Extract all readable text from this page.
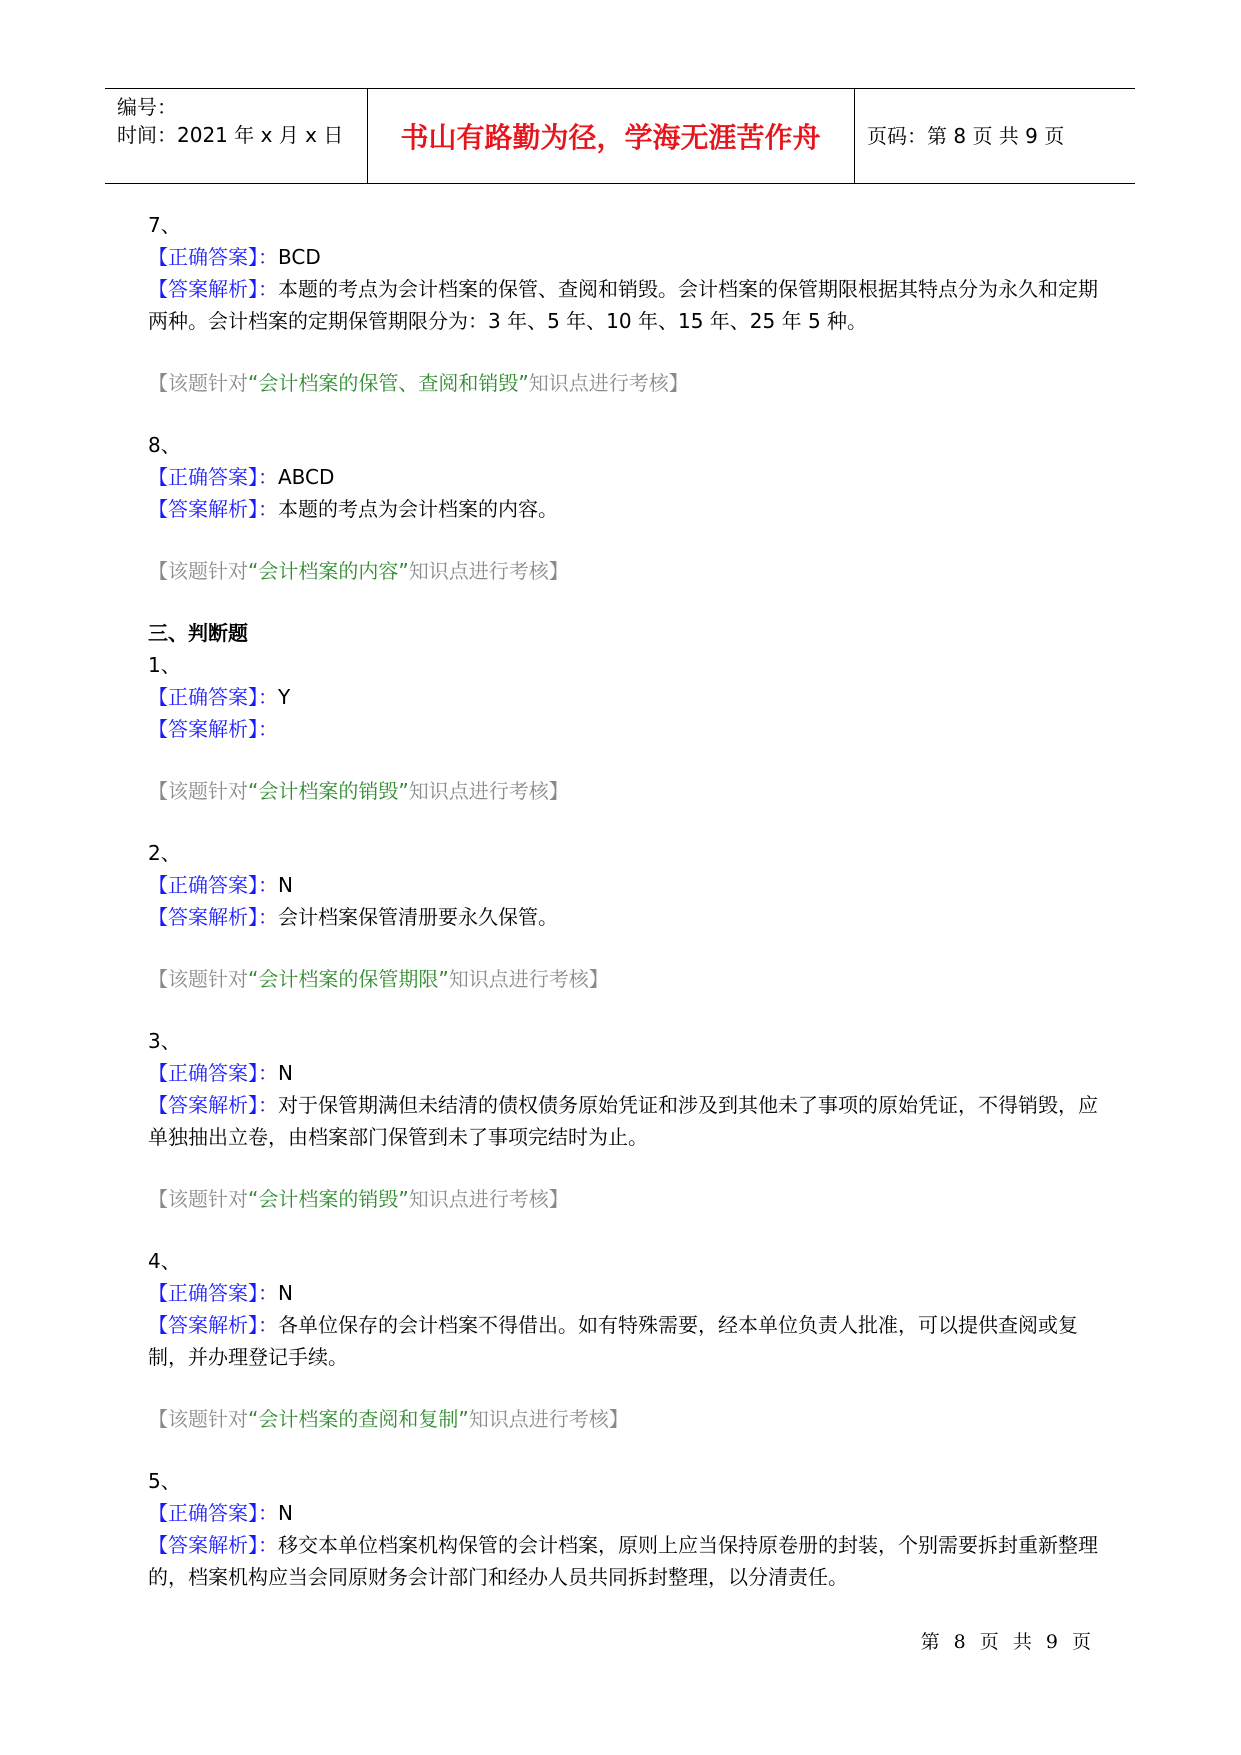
编号：
时间：2021 年 x 月 x 日	书山有路勤为径，学海无涯苦作舟	页码：第 8 页 共 9 页

7、

【正确答案】：BCD

【答案解析】：本题的考点为会计档案的保管、查阅和销毁。会计档案的保管期限根据其特点分为永久和定期两种。会计档案的定期保管期限分为：3 年、5 年、10 年、15 年、25 年 5 种。

【该题针对“会计档案的保管、查阅和销毁”知识点进行考核】

8、

【正确答案】：ABCD

【答案解析】：本题的考点为会计档案的内容。

【该题针对“会计档案的内容”知识点进行考核】

三、判断题

1、

【正确答案】：Y

【答案解析】：

【该题针对“会计档案的销毁”知识点进行考核】

2、

【正确答案】：N

【答案解析】：会计档案保管清册要永久保管。

【该题针对“会计档案的保管期限”知识点进行考核】

3、

【正确答案】：N

【答案解析】：对于保管期满但未结清的债权债务原始凭证和涉及到其他未了事项的原始凭证，不得销毁，应单独抽出立卷，由档案部门保管到未了事项完结时为止。

【该题针对“会计档案的销毁”知识点进行考核】

4、

【正确答案】：N

【答案解析】：各单位保存的会计档案不得借出。如有特殊需要，经本单位负责人批准，可以提供查阅或复制，并办理登记手续。

【该题针对“会计档案的查阅和复制”知识点进行考核】

5、

【正确答案】：N

【答案解析】：移交本单位档案机构保管的会计档案，原则上应当保持原卷册的封装，个别需要拆封重新整理的，档案机构应当会同原财务会计部门和经办人员共同拆封整理，以分清责任。

第 8 页 共 9 页
